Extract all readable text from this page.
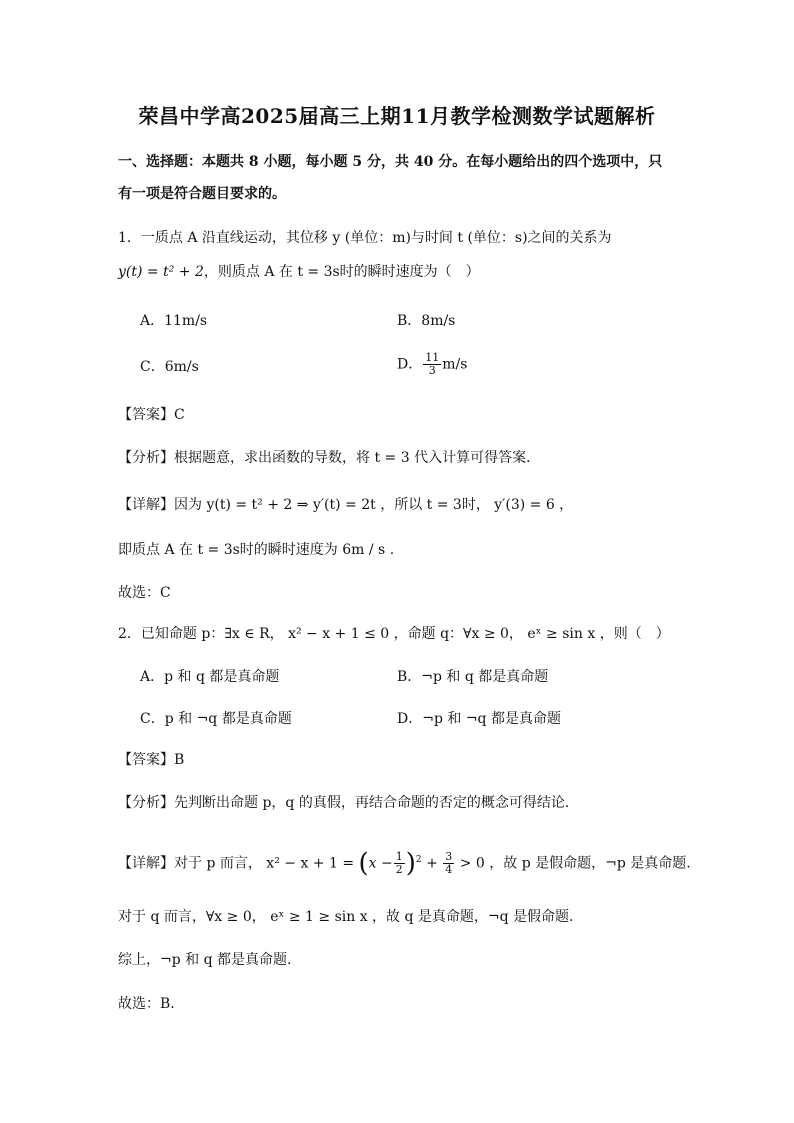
荣昌中学高2025届高三上期11月教学检测数学试题解析
一、选择题：本题共 8 小题，每小题 5 分，共 40 分。在每小题给出的四个选项中，只
有一项是符合题目要求的。
1．一质点 A 沿直线运动，其位移 y (单位：m)与时间 t (单位：s)之间的关系为
y(t) = t² + 2，则质点 A 在 t = 3s时的瞬时速度为（　）
A．11m/s	B．8m/s
C．6m/s	D． $\frac{11}{3} m/s$
【答案】C
【分析】根据题意，求出函数的导数，将 t = 3 代入计算可得答案．
【详解】因为 y(t) = t² + 2 ⇒ y′(t) = 2t ，所以 t = 3时， y′(3) = 6 ，
即质点 A 在 t = 3s时的瞬时速度为 6m / s .
故选：C
2．已知命题 p：∃x ∈ R， x² − x + 1 ≤ 0 ，命题 q：∀x ≥ 0， eˣ ≥ sin x ，则（　）
A．p 和 q 都是真命题	B．¬p 和 q 都是真命题
C．p 和 ¬q 都是真命题	D．¬p 和 ¬q 都是真命题
【答案】B
【分析】先判断出命题 p，q 的真假，再结合命题的否定的概念可得结论．
【详解】对于 p 而言， $x^2 - x + 1 = (x - \frac{1}{2} )^2 + \frac{3}{4} > 0$ ，故 p 是假命题，¬p 是真命题.
对于 q 而言，∀x ≥ 0， eˣ ≥ 1 ≥ sin x ，故 q 是真命题，¬q 是假命题.
综上，¬p 和 q 都是真命题.
故选：B.
